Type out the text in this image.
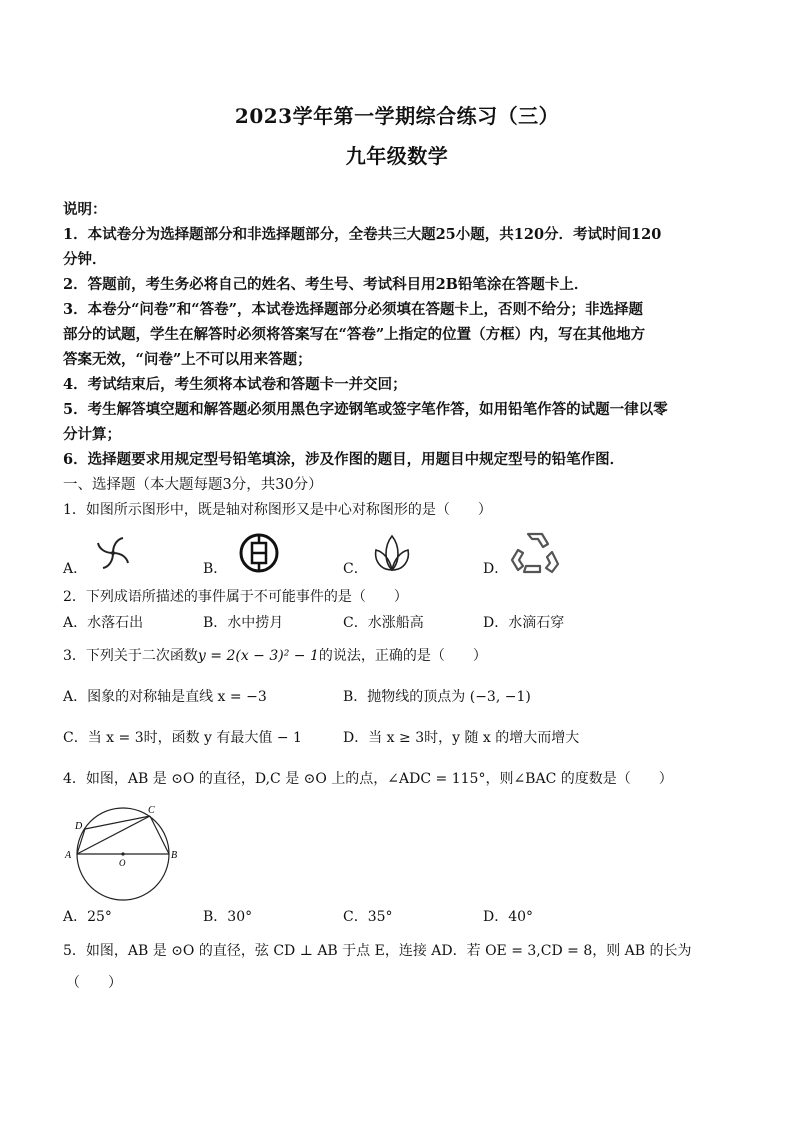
2023学年第一学期综合练习（三）
九年级数学
说明：
1．本试卷分为选择题部分和非选择题部分，全卷共三大题25小题，共120分．考试时间120
分钟．
2．答题前，考生务必将自己的姓名、考生号、考试科目用2B铅笔涂在答题卡上．
3．本卷分“问卷”和“答卷”，本试卷选择题部分必须填在答题卡上，否则不给分；非选择题
部分的试题，学生在解答时必须将答案写在“答卷”上指定的位置（方框）内，写在其他地方
答案无效，“问卷”上不可以用来答题；
4．考试结束后，考生须将本试卷和答题卡一并交回；
5．考生解答填空题和解答题必须用黑色字迹钢笔或签字笔作答，如用铅笔作答的试题一律以零
分计算；
6．选择题要求用规定型号铅笔填涂，涉及作图的题目，用题目中规定型号的铅笔作图．
一、选择题（本大题每题3分，共30分）
1．如图所示图形中，既是轴对称图形又是中心对称图形的是（　　）
A．	B．	C．	D．
2．下列成语所描述的事件属于不可能事件的是（　　）
A．水落石出	B．水中捞月	C．水涨船高	D．水滴石穿
3．下列关于二次函数y = 2(x − 3)² − 1的说法，正确的是（　　）
A．图象的对称轴是直线 x = −3	B．抛物线的顶点为 (−3, −1)
C．当 x = 3时，函数 y 有最大值 − 1	D．当 x ≥ 3时，y 随 x 的增大而增大
4．如图，AB 是 ⊙O 的直径，D,C 是 ⊙O 上的点，∠ADC = 115°，则∠BAC 的度数是（　　）
A	B
C
D
O
A．25°	B．30°	C．35°	D．40°
5．如图，AB 是 ⊙O 的直径，弦 CD ⊥ AB 于点 E，连接 AD．若 OE = 3,CD = 8，则 AB 的长为
（　　）
